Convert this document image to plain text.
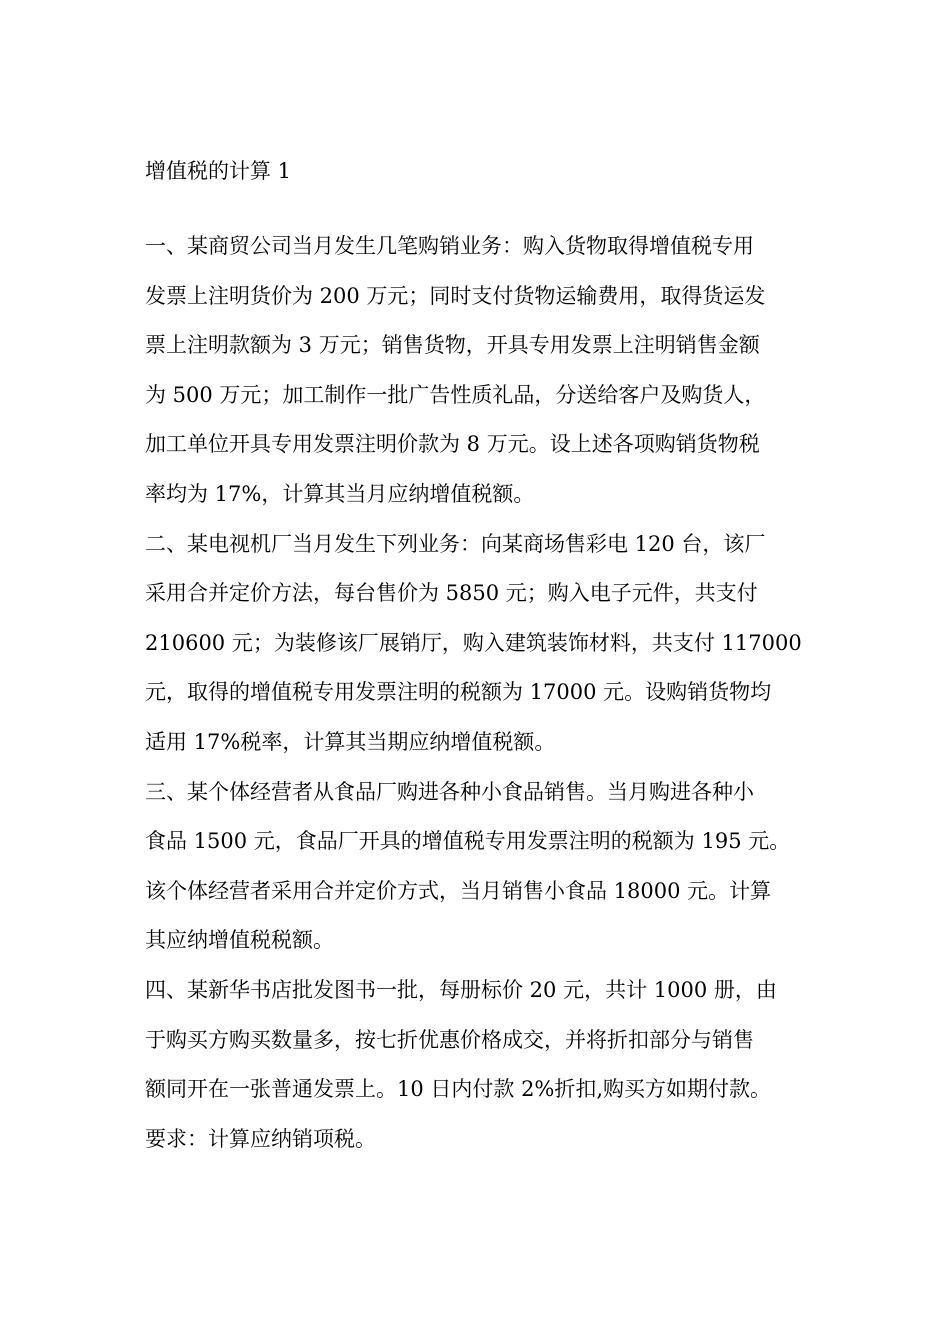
增值税的计算 1

一、某商贸公司当月发生几笔购销业务：购入货物取得增值税专用
发票上注明货价为 200 万元；同时支付货物运输费用，取得货运发
票上注明款额为 3 万元；销售货物，开具专用发票上注明销售金额
为 500 万元；加工制作一批广告性质礼品，分送给客户及购货人，
加工单位开具专用发票注明价款为 8 万元。设上述各项购销货物税
率均为 17%，计算其当月应纳增值税额。

二、某电视机厂当月发生下列业务：向某商场售彩电 120 台，该厂
采用合并定价方法，每台售价为 5850 元；购入电子元件，共支付
210600 元；为装修该厂展销厅，购入建筑装饰材料，共支付 117000
元，取得的增值税专用发票注明的税额为 17000 元。设购销货物均
适用 17%税率，计算其当期应纳增值税额。

三、某个体经营者从食品厂购进各种小食品销售。当月购进各种小
食品 1500 元，食品厂开具的增值税专用发票注明的税额为 195 元。
该个体经营者采用合并定价方式，当月销售小食品 18000 元。计算
其应纳增值税税额。

四、某新华书店批发图书一批，每册标价 20 元，共计 1000 册，由
于购买方购买数量多，按七折优惠价格成交，并将折扣部分与销售
额同开在一张普通发票上。10 日内付款 2%折扣,购买方如期付款。
要求：计算应纳销项税。
